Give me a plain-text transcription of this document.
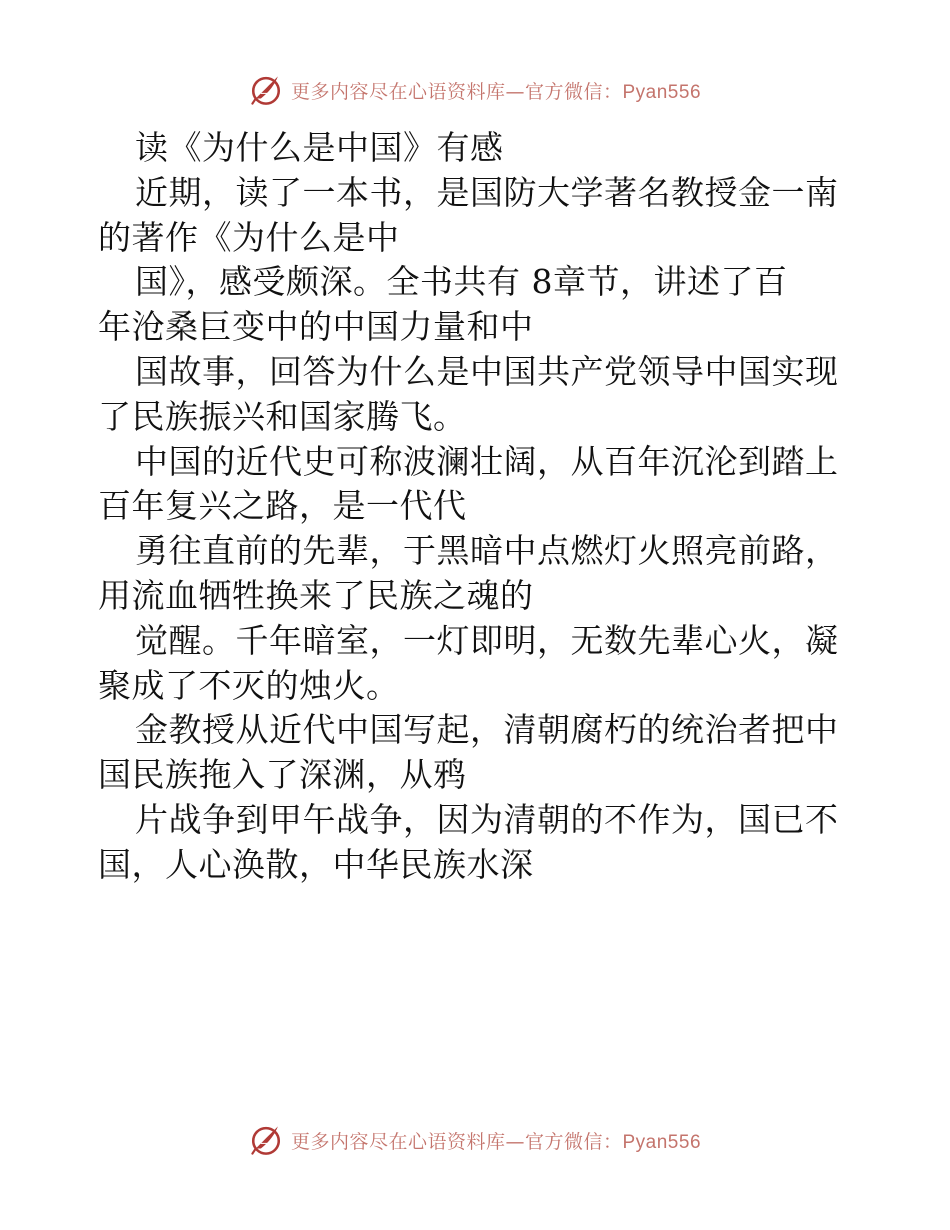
更多内容尽在心语资料库—官方微信：Pyan556
读《为什么是中国》有感
近期，读了一本书，是国防大学著名教授金一南
的著作《为什么是中
国》，感受颇深。全书共有 8章节，讲述了百
年沧桑巨变中的中国力量和中
国故事，回答为什么是中国共产党领导中国实现
了民族振兴和国家腾飞。
中国的近代史可称波澜壮阔，从百年沉沦到踏上
百年复兴之路，是一代代
勇往直前的先辈，于黑暗中点燃灯火照亮前路，
用流血牺牲换来了民族之魂的
觉醒。千年暗室，一灯即明，无数先辈心火，凝
聚成了不灭的烛火。
金教授从近代中国写起，清朝腐朽的统治者把中
国民族拖入了深渊，从鸦
片战争到甲午战争，因为清朝的不作为，国已不
国，人心涣散，中华民族水深
更多内容尽在心语资料库—官方微信：Pyan556
